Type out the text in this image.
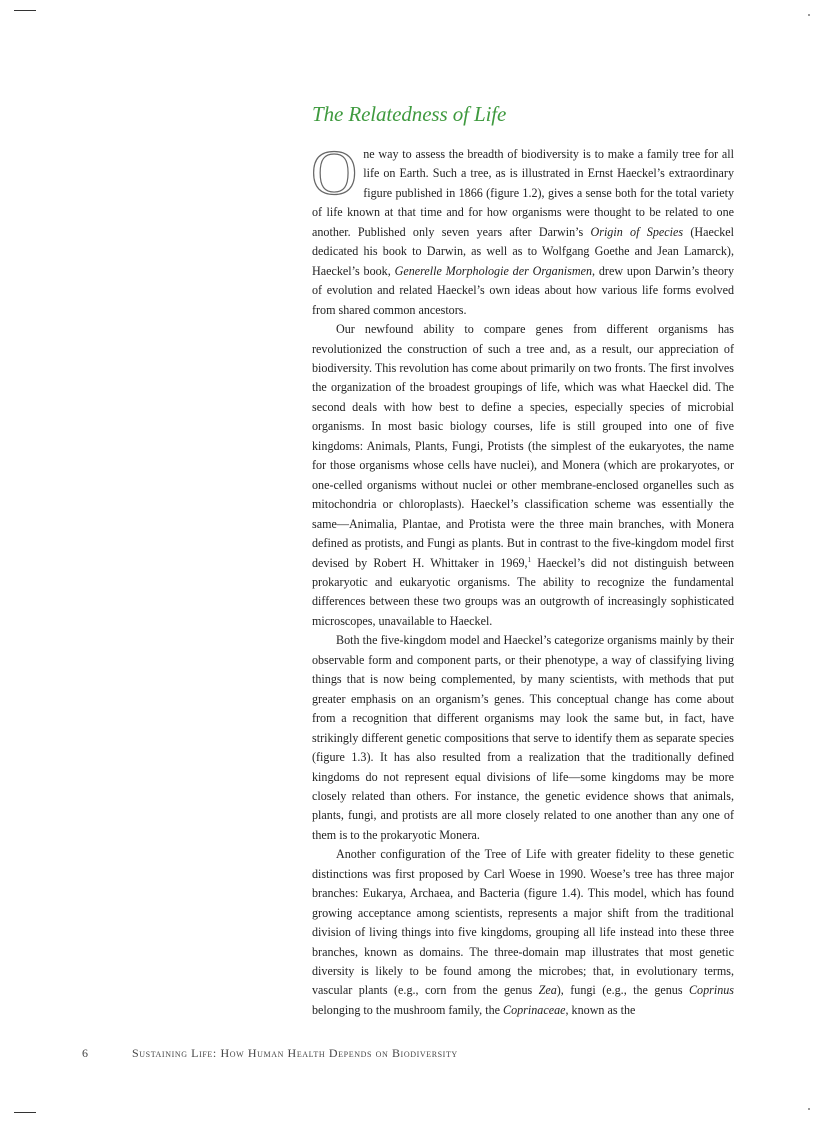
The Relatedness of Life

O ne way to assess the breadth of biodiversity is to make a family tree for all life on Earth. Such a tree, as is illustrated in Ernst Haeckel’s extraordinary figure published in 1866 (figure 1.2), gives a sense both for the total variety of life known at that time and for how organisms were thought to be related to one another. Published only seven years after Darwin’s Origin of Species (Haeckel dedicated his book to Darwin, as well as to Wolfgang Goethe and Jean Lamarck), Haeckel’s book, Generelle Morphologie der Organismen, drew upon Darwin’s theory of evolution and related Haeckel’s own ideas about how various life forms evolved from shared common ancestors.

Our newfound ability to compare genes from different organisms has revolutionized the construction of such a tree and, as a result, our appreciation of biodiversity. This revolution has come about primarily on two fronts. The first involves the organization of the broadest groupings of life, which was what Haeckel did. The second deals with how best to define a species, especially species of microbial organisms. In most basic biology courses, life is still grouped into one of five kingdoms: Animals, Plants, Fungi, Protists (the simplest of the eukaryotes, the name for those organisms whose cells have nuclei), and Monera (which are prokaryotes, or one-celled organisms without nuclei or other membrane-enclosed organelles such as mitochondria or chloroplasts). Haeckel’s classification scheme was essentially the same—Animalia, Plantae, and Protista were the three main branches, with Monera defined as protists, and Fungi as plants. But in contrast to the five-kingdom model first devised by Robert H. Whittaker in 1969,$^1$ Haeckel’s did not distinguish between prokaryotic and eukaryotic organisms. The ability to recognize the fundamental differences between these two groups was an outgrowth of increasingly sophisticated microscopes, unavailable to Haeckel.

Both the five-kingdom model and Haeckel’s categorize organisms mainly by their observable form and component parts, or their phenotype, a way of classifying living things that is now being complemented, by many scientists, with methods that put greater emphasis on an organism’s genes. This conceptual change has come about from a recognition that different organisms may look the same but, in fact, have strikingly different genetic compositions that serve to identify them as separate species (figure 1.3). It has also resulted from a realization that the traditionally defined kingdoms do not represent equal divisions of life—some kingdoms may be more closely related than others. For instance, the genetic evidence shows that animals, plants, fungi, and protists are all more closely related to one another than any one of them is to the prokaryotic Monera.

Another configuration of the Tree of Life with greater fidelity to these genetic distinctions was first proposed by Carl Woese in 1990. Woese’s tree has three major branches: Eukarya, Archaea, and Bacteria (figure 1.4). This model, which has found growing acceptance among scientists, represents a major shift from the traditional division of living things into five kingdoms, grouping all life instead into these three branches, known as domains. The three-domain map illustrates that most genetic diversity is likely to be found among the microbes; that, in evolutionary terms, vascular plants (e.g., corn from the genus Zea), fungi (e.g., the genus Coprinus belonging to the mushroom family, the Coprinaceae, known as the

6	Sustaining Life: How Human Health Depends on Biodiversity
